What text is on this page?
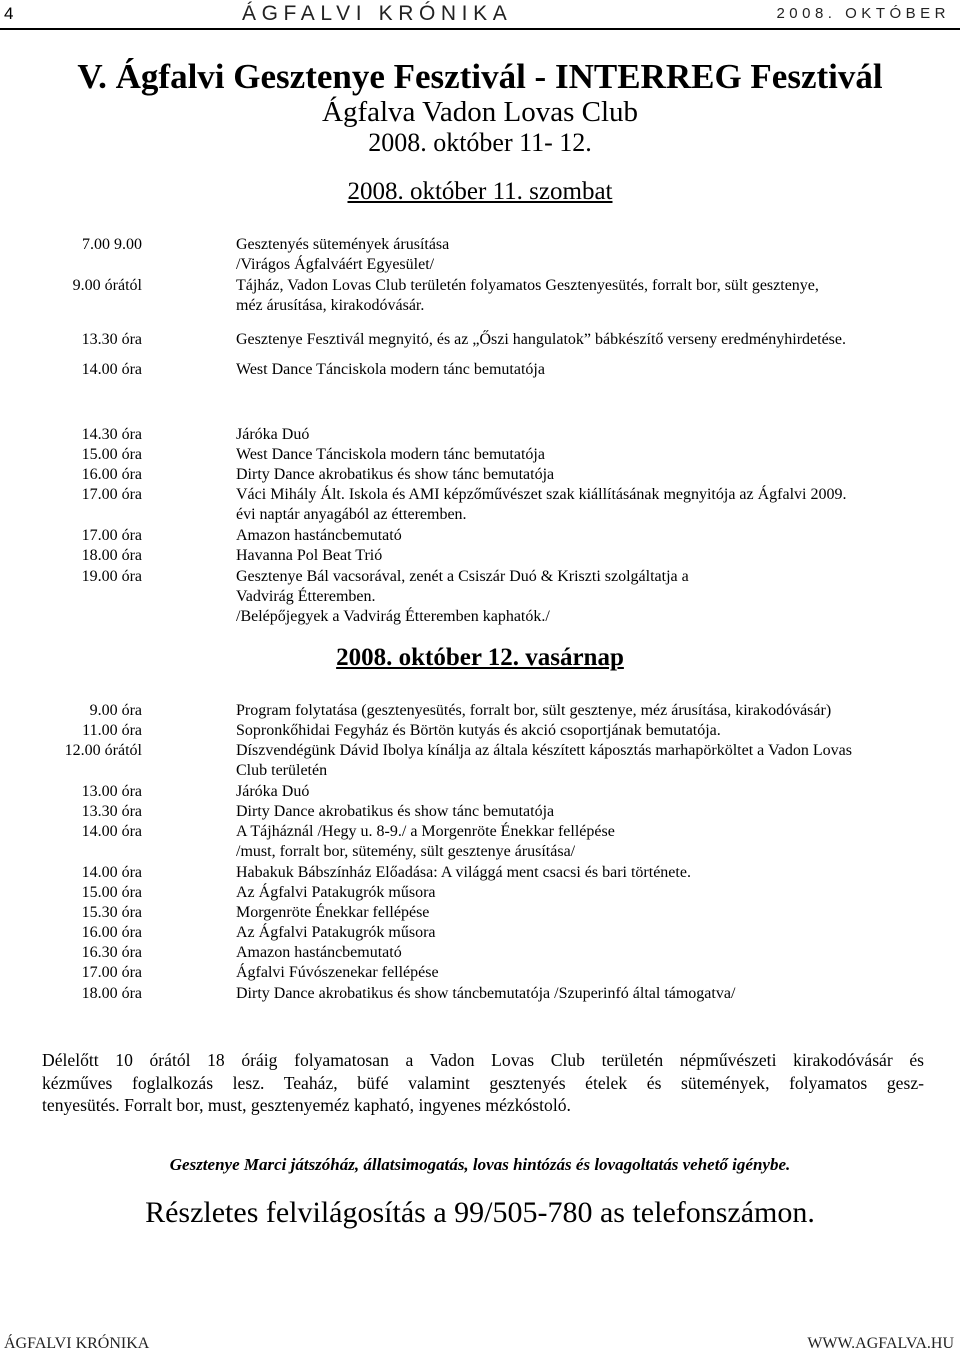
4	ÁGFALVI KRÓNIKA	2008. OKTÓBER
V. Ágfalvi Gesztenye Fesztivál - INTERREG Fesztivál
Ágfalva Vadon Lovas Club
2008. október 11- 12.
2008. október 11. szombat
7.00 9.00	Gesztenyés sütemények árusítása
/Virágos Ágfalváért Egyesület/
9.00 órától	Tájház, Vadon Lovas Club területén folyamatos Gesztenyesütés, forralt bor, sült gesztenye,
méz árusítása, kirakodóvásár.
13.30 óra	Gesztenye Fesztivál megnyitó, és az „Őszi hangulatok” bábkészítő verseny eredményhirdetése.
14.00 óra	West Dance Tánciskola modern tánc bemutatója
14.30 óra	Járóka Duó
15.00 óra	West Dance Tánciskola modern tánc bemutatója
16.00 óra	Dirty Dance akrobatikus és show tánc bemutatója
17.00 óra	Váci Mihály Ált. Iskola és AMI képzőművészet szak kiállításának megnyitója az Ágfalvi 2009.
évi naptár anyagából az étteremben.
17.00 óra	Amazon hastáncbemutató
18.00 óra	Havanna Pol Beat Trió
19.00 óra	Gesztenye Bál vacsorával, zenét a Csiszár Duó & Kriszti szolgáltatja a
Vadvirág Étteremben.
/Belépőjegyek a Vadvirág Étteremben kaphatók./
2008. október 12. vasárnap
9.00 óra	Program folytatása (gesztenyesütés, forralt bor, sült gesztenye, méz árusítása, kirakodóvásár)
11.00 óra	Sopronkőhidai Fegyház és Börtön kutyás és akció csoportjának bemutatója.
12.00 órától	Díszvendégünk Dávid Ibolya kínálja az általa készített káposztás marhapörköltet a Vadon Lovas
Club területén
13.00 óra	Járóka Duó
13.30 óra	Dirty Dance akrobatikus és show tánc bemutatója
14.00 óra	A Tájháznál /Hegy u. 8-9./ a Morgenröte Énekkar fellépése
/must, forralt bor, sütemény, sült gesztenye árusítása/
14.00 óra	Habakuk Bábszínház Előadása: A világgá ment csacsi és bari története.
15.00 óra	Az Ágfalvi Patakugrók műsora
15.30 óra	Morgenröte Énekkar fellépése
16.00 óra	Az Ágfalvi Patakugrók műsora
16.30 óra	Amazon hastáncbemutató
17.00 óra	Ágfalvi Fúvószenekar fellépése
18.00 óra	Dirty Dance akrobatikus és show táncbemutatója /Szuperinfó által támogatva/
Délelőtt 10 órától 18 óráig folyamatosan a Vadon Lovas Club területén népművészeti kirakodóvásár és
kézműves foglalkozás lesz. Teaház, büfé valamint gesztenyés ételek és sütemények, folyamatos gesz-
tenyesütés. Forralt bor, must, gesztenyeméz kapható, ingyenes mézkóstoló.
Gesztenye Marci játszóház, állatsimogatás, lovas hintózás és lovagoltatás vehető igénybe.
Részletes felvilágosítás a 99/505-780 as telefonszámon.
ÁGFALVI KRÓNIKA	WWW.AGFALVA.HU
